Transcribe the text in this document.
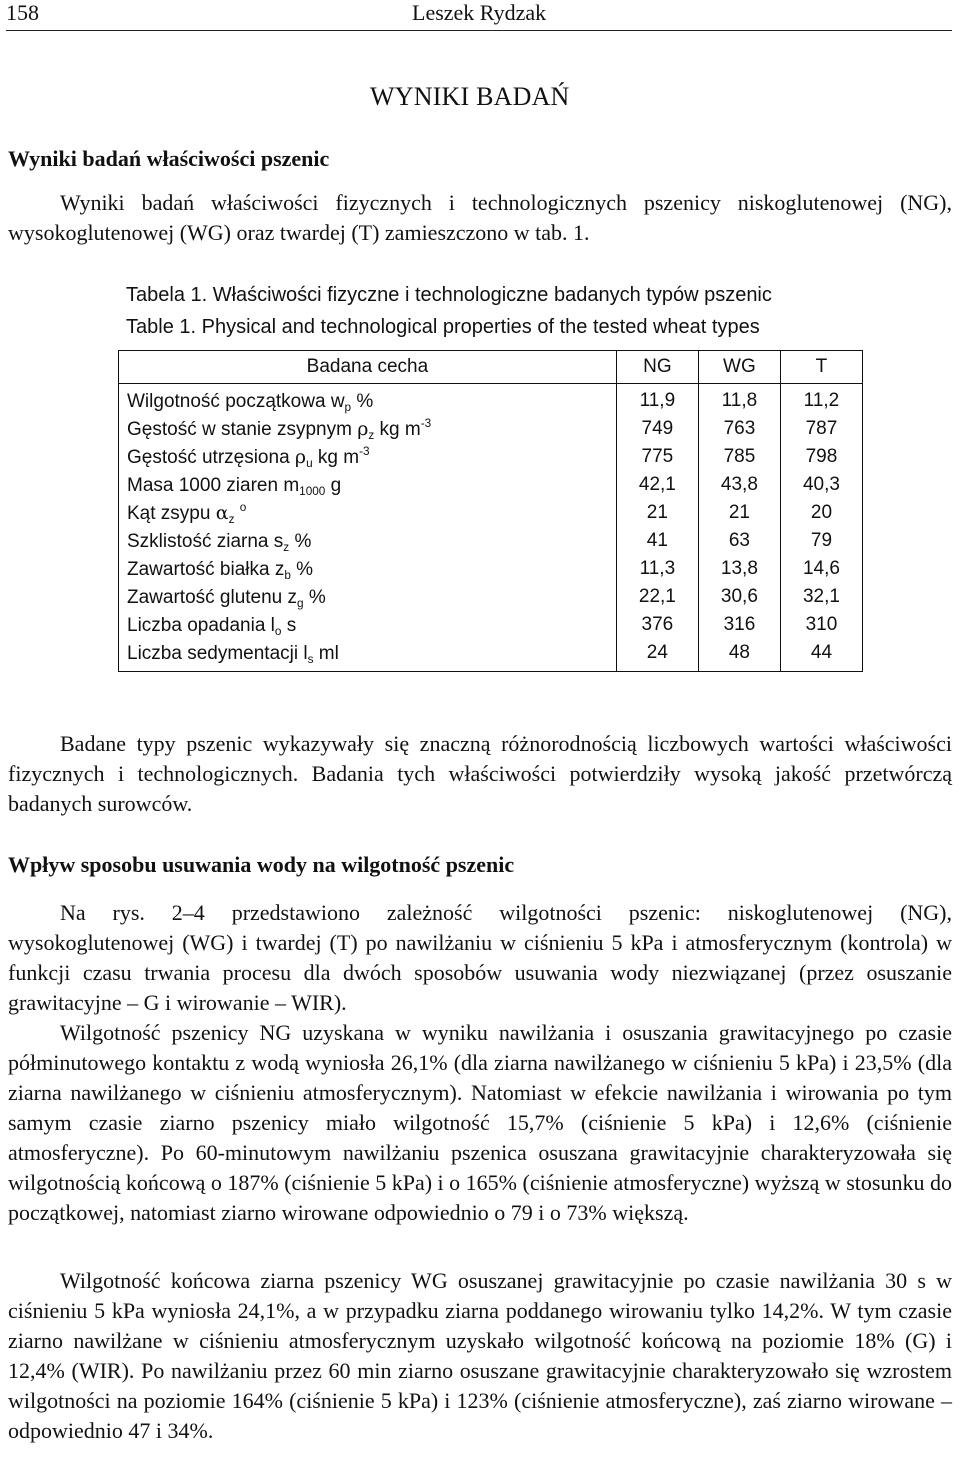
158	Leszek Rydzak
WYNIKI BADAŃ
Wyniki badań właściwości pszenic

Wyniki badań właściwości fizycznych i technologicznych pszenicy niskoglutenowej (NG), wysokoglutenowej (WG) oraz twardej (T) zamieszczono w tab. 1.

Tabela 1. Właściwości fizyczne i technologiczne badanych typów pszenic
Table 1. Physical and technological properties of the tested wheat types
Badana cecha	NG	WG	T
Wilgotność początkowa $w_p$ %	11,9	11,8	11,2
Gęstość w stanie zsypnym $\rho_z$ kg $m^{-3}$	749	763	787
Gęstość utrzęsiona $\rho_u$ kg $m^{-3}$	775	785	798
Masa 1000 ziaren $m_{1000}$ g	42,1	43,8	40,3
Kąt zsypu $\alpha_z$ $^o$	21	21	20
Szklistość ziarna $s_z$ %	41	63	79
Zawartość białka $z_b$ %	11,3	13,8	14,6
Zawartość glutenu $z_g$ %	22,1	30,6	32,1
Liczba opadania $l_o$ s	376	316	310
Liczba sedymentacji $l_s$ ml	24	48	44

Badane typy pszenic wykazywały się znaczną różnorodnością liczbowych wartości właściwości fizycznych i technologicznych. Badania tych właściwości potwierdziły wysoką jakość przetwórczą badanych surowców.

Wpływ sposobu usuwania wody na wilgotność pszenic

Na rys. 2–4 przedstawiono zależność wilgotności pszenic: niskoglutenowej (NG), wysokoglutenowej (WG) i twardej (T) po nawilżaniu w ciśnieniu 5 kPa i atmosferycznym (kontrola) w funkcji czasu trwania procesu dla dwóch sposobów usuwania wody niezwiązanej (przez osuszanie grawitacyjne – G i wirowanie – WIR).

Wilgotność pszenicy NG uzyskana w wyniku nawilżania i osuszania grawitacyjnego po czasie półminutowego kontaktu z wodą wyniosła 26,1% (dla ziarna nawilżanego w ciśnieniu 5 kPa) i 23,5% (dla ziarna nawilżanego w ciśnieniu atmosferycznym). Natomiast w efekcie nawilżania i wirowania po tym samym czasie ziarno pszenicy miało wilgotność 15,7% (ciśnienie 5 kPa) i 12,6% (ciśnienie atmosferyczne). Po 60-minutowym nawilżaniu pszenica osuszana grawitacyjnie charakteryzowała się wilgotnością końcową o 187% (ciśnienie 5 kPa) i o 165% (ciśnienie atmosferyczne) wyższą w stosunku do początkowej, natomiast ziarno wirowane odpowiednio o 79 i o 73% większą.

Wilgotność końcowa ziarna pszenicy WG osuszanej grawitacyjnie po czasie nawilżania 30 s w ciśnieniu 5 kPa wyniosła 24,1%, a w przypadku ziarna poddanego wirowaniu tylko 14,2%. W tym czasie ziarno nawilżane w ciśnieniu atmosferycznym uzyskało wilgotność końcową na poziomie 18% (G) i 12,4% (WIR). Po nawilżaniu przez 60 min ziarno osuszane grawitacyjnie charakteryzowało się wzrostem wilgotności na poziomie 164% (ciśnienie 5 kPa) i 123% (ciśnienie atmosferyczne), zaś ziarno wirowane – odpowiednio 47 i 34%.
